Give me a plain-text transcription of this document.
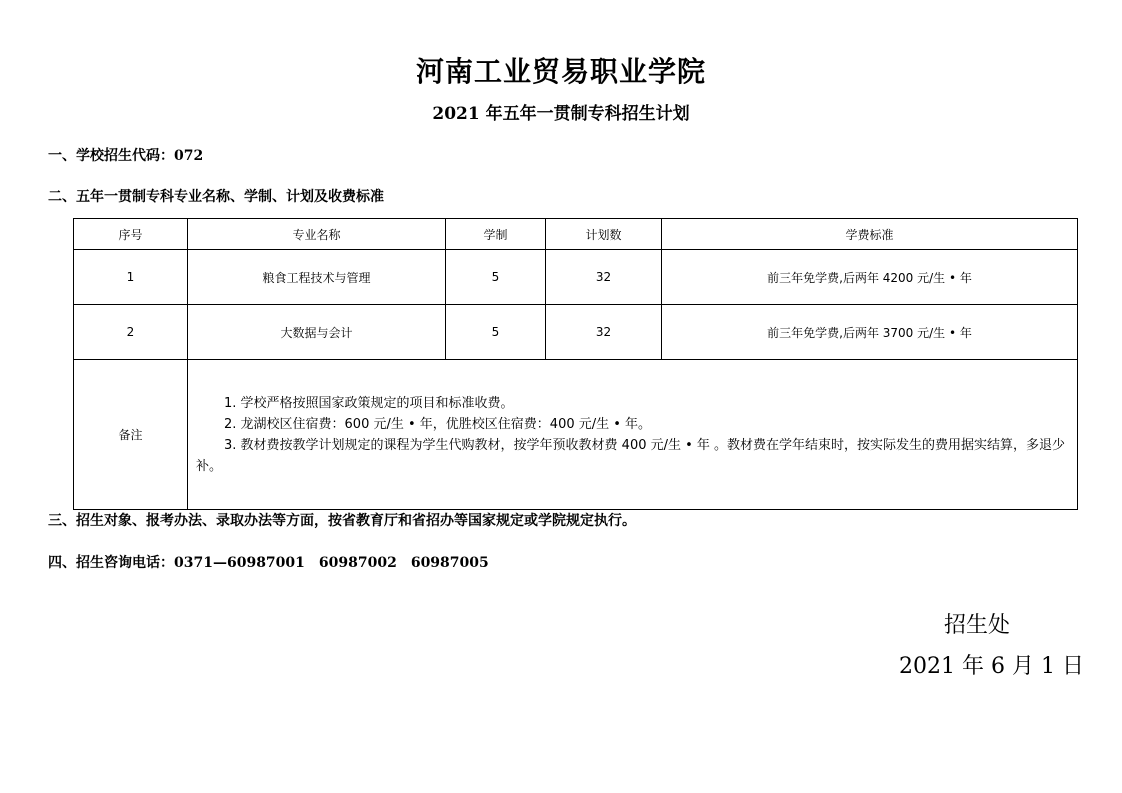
河南工业贸易职业学院
2021 年五年一贯制专科招生计划
一、学校招生代码：072
二、五年一贯制专科专业名称、学制、计划及收费标准
序号	专业名称	学制	计划数	学费标准
1	粮食工程技术与管理	5	32	前三年免学费,后两年 4200 元/生 • 年
2	大数据与会计	5	32	前三年免学费,后两年 3700 元/生 • 年
备注	1. 学校严格按照国家政策规定的项目和标准收费。
2. 龙湖校区住宿费：600 元/生 • 年，优胜校区住宿费：400 元/生 • 年。
3. 教材费按教学计划规定的课程为学生代购教材，按学年预收教材费 400 元/生 • 年 。教材费在学年结束时，按实际发生的费用据实结算，多退少补。			
三、招生对象、报考办法、录取办法等方面，按省教育厅和省招办等国家规定或学院规定执行。
四、招生咨询电话：0371—60987001　60987002　60987005
招生处
2021 年 6 月 1 日
